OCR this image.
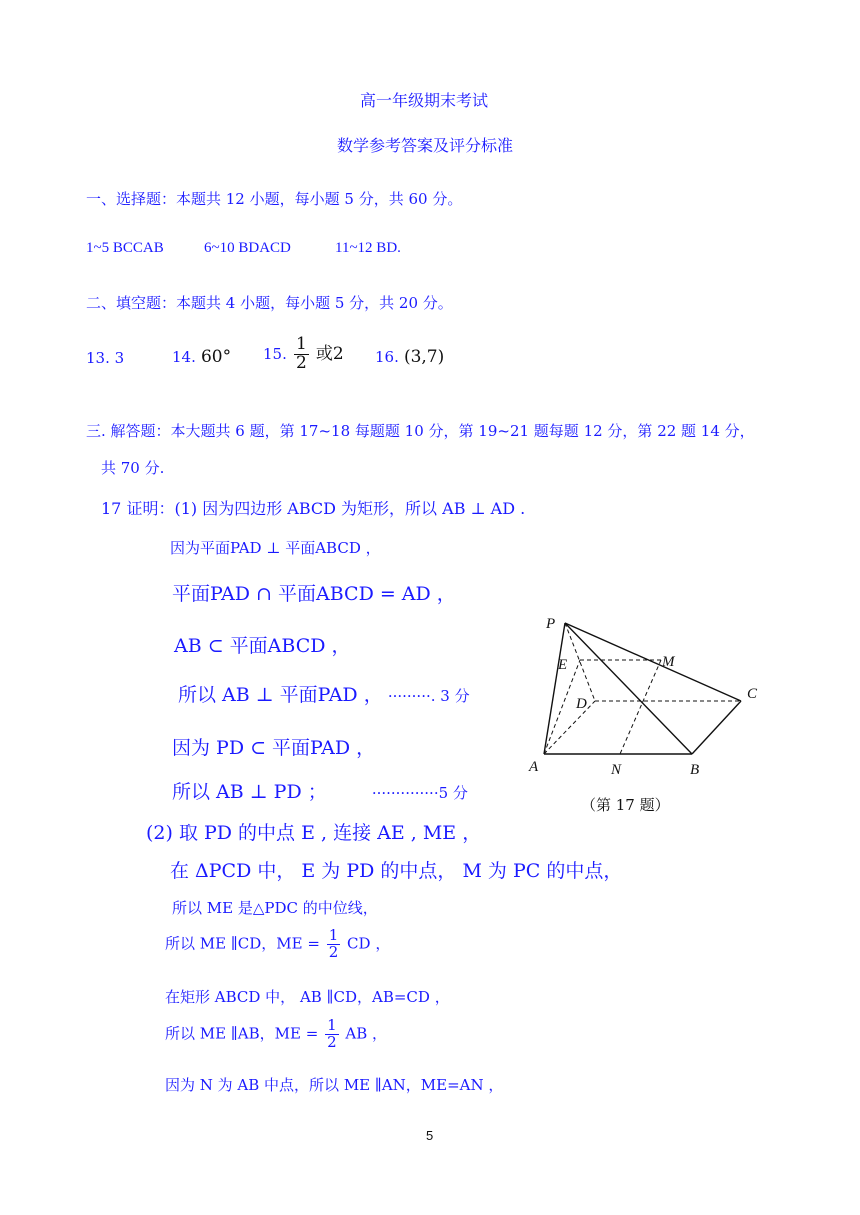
高一年级期末考试
数学参考答案及评分标准
一、选择题：本题共 12 小题，每小题 5 分，共 60 分。
1~5 BCCAB	6~10 BDACD	11~12 BD.
二、填空题：本题共 4 小题，每小题 5 分，共 20 分。
13. 3	14. 60° 15. $\frac{1}{2}$ 或2 16. (3,7)
三. 解答题：本大题共 6 题，第 17~18 每题题 10 分，第 19~21 题每题 12 分，第 22 题 14 分，
共 70 分.
17 证明：(1) 因为四边形 ABCD 为矩形，所以 AB ⊥ AD .
因为平面PAD ⊥ 平面ABCD ，
平面PAD ∩ 平面ABCD = AD ，
AB ⊂ 平面ABCD ，
所以 AB ⊥ 平面PAD ， ·········. 3 分
因为 PD ⊂ 平面PAD ，
所以 AB ⊥ PD ；	··············5 分
P
E	M
C
D
A	N	B
（第 17 题）
(2) 取 PD 的中点 E , 连接 AE , ME ，
在 ΔPCD 中， E 为 PD 的中点， M 为 PC 的中点，
所以 ME 是△PDC 的中位线，
所以 ME ∥CD，ME = $\frac{1}{2}$ CD ，
在矩形 ABCD 中， AB ∥CD，AB=CD ，
所以 ME ∥AB，ME = $\frac{1}{2}$ AB ，
因为 N 为 AB 中点，所以 ME ∥AN，ME=AN ，
5
